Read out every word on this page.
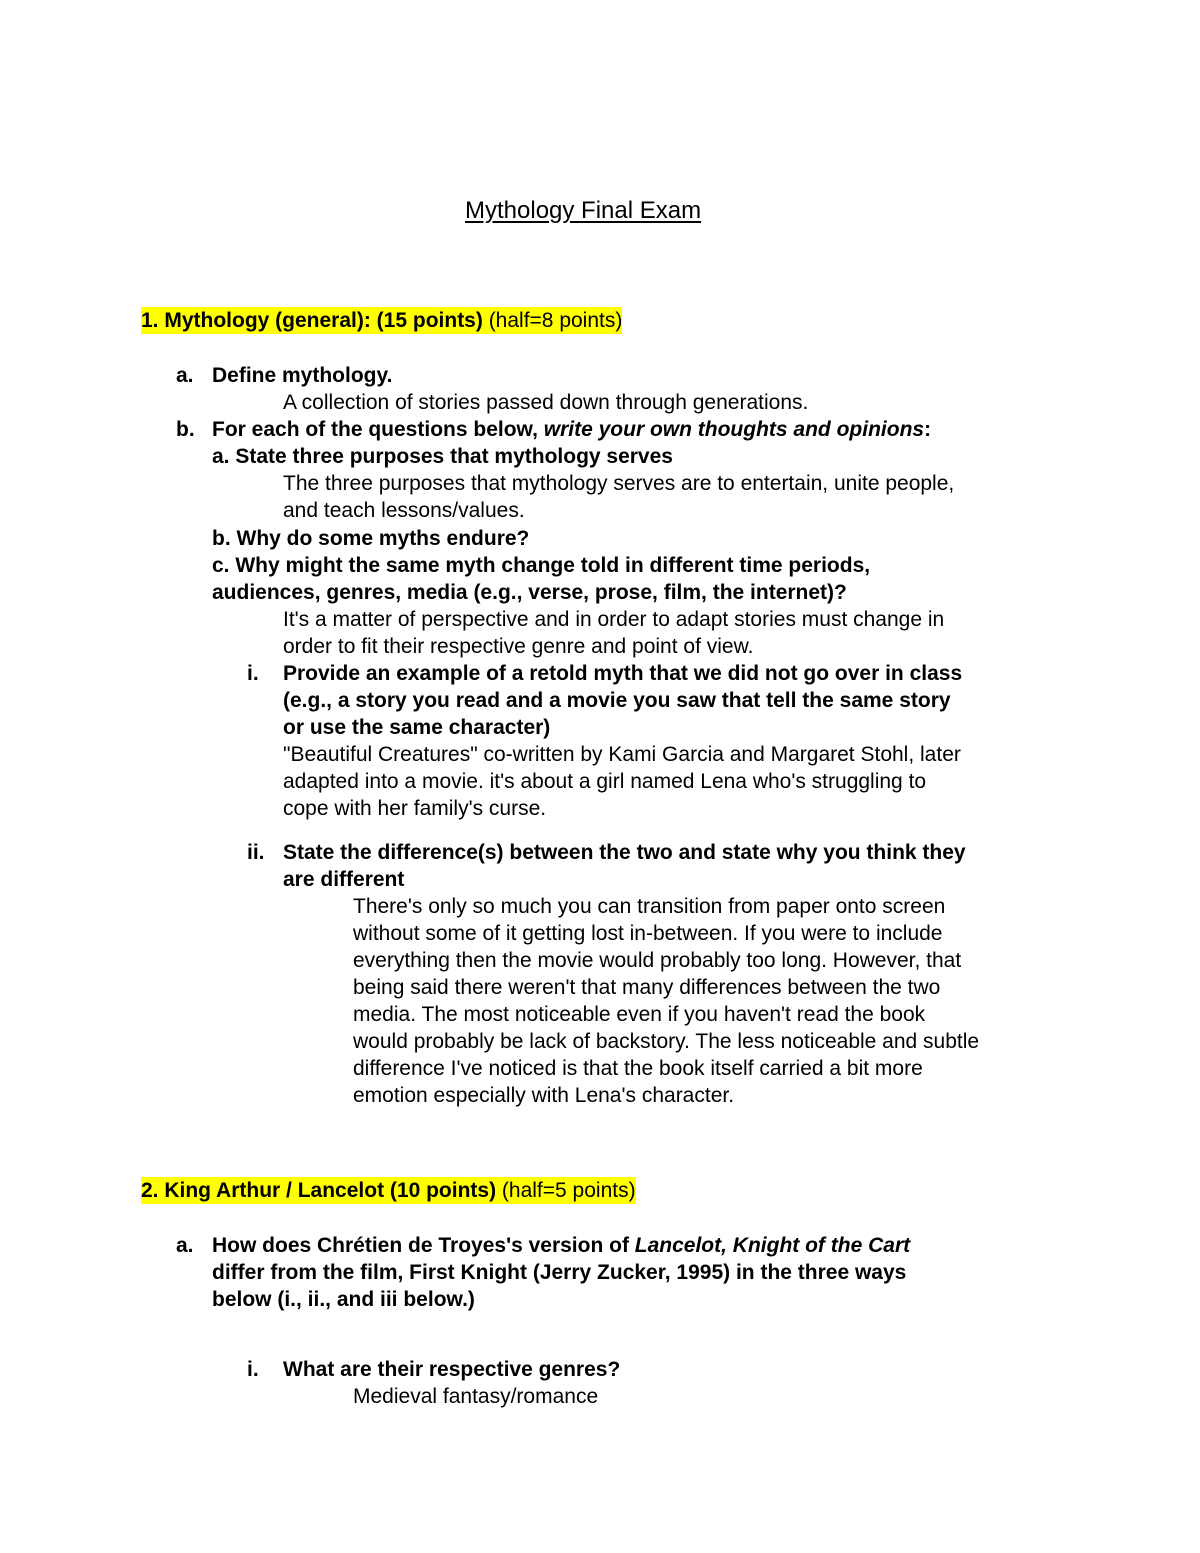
Mythology Final Exam
1. Mythology (general): (15 points) (half=8 points)
a. Define mythology.
A collection of stories passed down through generations.
b. For each of the questions below, write your own thoughts and opinions:
a. State three purposes that mythology serves
The three purposes that mythology serves are to entertain, unite people,
and teach lessons/values.
b. Why do some myths endure?
c. Why might the same myth change told in different time periods,
audiences, genres, media (e.g., verse, prose, film, the internet)?
It's a matter of perspective and in order to adapt stories must change in
order to fit their respective genre and point of view.
i. Provide an example of a retold myth that we did not go over in class
(e.g., a story you read and a movie you saw that tell the same story
or use the same character)
"Beautiful Creatures" co-written by Kami Garcia and Margaret Stohl, later
adapted into a movie. it's about a girl named Lena who's struggling to
cope with her family's curse.
ii. State the difference(s) between the two and state why you think they
are different
There's only so much you can transition from paper onto screen
without some of it getting lost in-between. If you were to include
everything then the movie would probably too long. However, that
being said there weren't that many differences between the two
media. The most noticeable even if you haven't read the book
would probably be lack of backstory. The less noticeable and subtle
difference I've noticed is that the book itself carried a bit more
emotion especially with Lena's character.
2. King Arthur / Lancelot (10 points) (half=5 points)
a. How does Chrétien de Troyes's version of Lancelot, Knight of the Cart
differ from the film, First Knight (Jerry Zucker, 1995) in the three ways
below (i., ii., and iii below.)
i. What are their respective genres?
Medieval fantasy/romance
